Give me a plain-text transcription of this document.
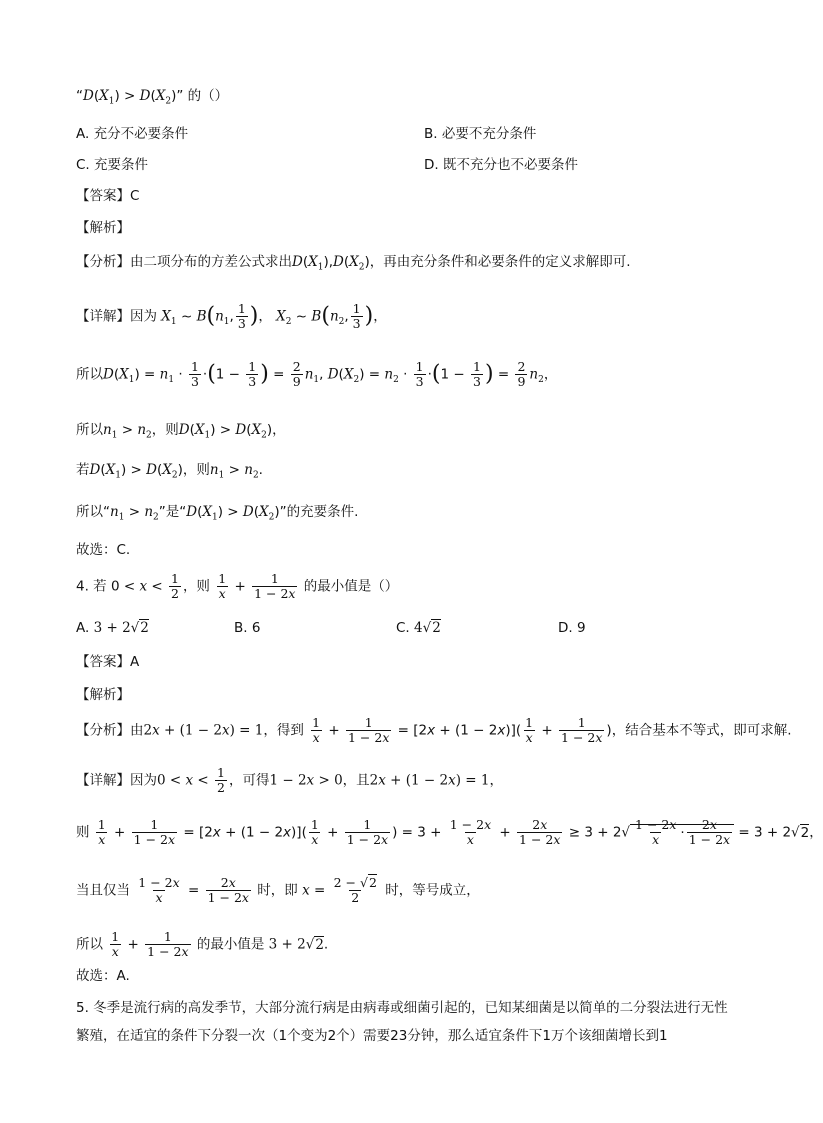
“$D(X_1) > D(X_2)$” 的（）
A. 充分不必要条件	B. 必要不充分条件
C. 充要条件	D. 既不充分也不必要条件
【答案】C
【解析】
【分析】由二项分布的方差公式求出$D(X_1),D(X_2)$，再由充分条件和必要条件的定义求解即可.
【详解】因为 $X_1$ ~ $B(n_1$, $\frac{1}{3}$ )， $X_2$ ~ $B(n_2$, $\frac{1}{3}$ )，
所以$D(X_1) = n_1 \cdot \frac{1}{3} \cdot(1 - \frac{1}{3}$ ) = $\frac{2}{9} n_1$, $D(X_2) = n_2 \cdot \frac{1}{3} \cdot(1 - \frac{1}{3}$ ) = $\frac{2}{9} n_2$，
所以$n_1 > n_2$，则$D(X_1) > D(X_2)$，
若$D(X_1) > D(X_2)$，则$n_1 > n_2$.
所以“$n_1 > n_2$”是“$D(X_1) > D(X_2)$”的充要条件.
故选：C.
4. 若 $0 < x < \frac{1}{2}$ ，则 $\frac{1}{x} + \frac{1}{1 - 2x}$ 的最小值是（）
A. 3 + 2√2	B. 6	C. 4√2	D. 9
【答案】A
【解析】
【分析】由2x + (1 − 2x) = 1，得到 $\frac{1}{x} + \frac{1}{1 - 2x} = [2x + (1 - 2x)]( \frac{1}{x} + \frac{1}{1 - 2x}$ )，结合基本不等式，即可求解.
【详解】因为$0 < x < \frac{1}{2}$ ，可得1 − 2x > 0，且2x + (1 − 2x) = 1，
则 $\frac{1}{x} + \frac{1}{1 - 2x} = [2x + (1 - 2x)]( \frac{1}{x} + \frac{1}{1 - 2x}$ ) = $3 + \frac{1 - 2x}{x} + \frac{2x}{1 - 2x} \ge 3 + 2√ \frac{1 - 2x}{x} \cdot \frac{2x}{1 - 2x} = 3 + 2√2$，
当且仅当 $\frac{1 - 2x}{x} = \frac{2x}{1 - 2x}$ 时，即 $x = \frac{2 - √2}{2}$ 时，等号成立，
所以 $\frac{1}{x} + \frac{1}{1 - 2x}$ 的最小值是 3 + 2√2.
故选：A.
5. 冬季是流行病的高发季节，大部分流行病是由病毒或细菌引起的，已知某细菌是以简单的二分裂法进行无性繁殖，在适宜的条件下分裂一次（1个变为2个）需要23分钟，那么适宜条件下1万个该细菌增长到1
